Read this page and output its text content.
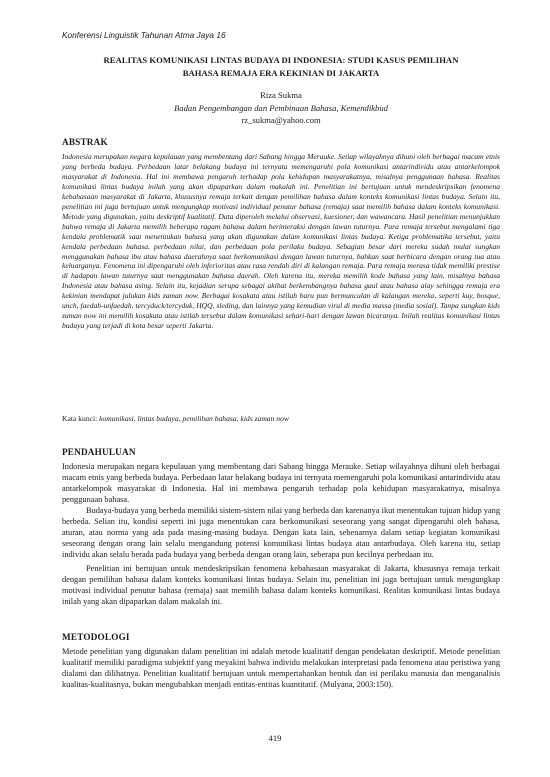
Konferensi Linguistik Tahunan Atma Jaya 16
REALITAS KOMUNIKASI LINTAS BUDAYA DI INDONESIA: STUDI KASUS PEMILIHAN
BAHASA REMAJA ERA KEKINIAN DI JAKARTA
Riza Sukma
Badan Pengembangan dan Pembinaan Bahasa, Kemendikbud
rz_sukma@yahoo.com
ABSTRAK

Indonesia merupakan negara kepulauan yang membentang dari Sabang hingga Merauke. Setiap wilayahnya dihuni oleh berbagai macam etnis yang berbeda budaya. Perbedaan latar belakang budaya ini ternyata memengaruhi pola komunikasi antarindividu atau antarkelompok masyarakat di Indonesia. Hal ini membawa pengaruh terhadap pola kehidupan masyarakatnya, misalnya penggunaan bahasa. Realitas komunikasi lintas budaya inilah yang akan dipaparkan dalam makalah ini. Penelitian ini bertujuan untuk mendeskripsikan fenomena kebahasaan masyarakat di Jakarta, khususnya remaja terkait dengan pemilihan bahasa dalam konteks komunikasi lintas budaya. Selain itu, penelitian ini juga bertujuan untuk mengungkap motivasi individual penutur bahasa (remaja) saat memilih bahasa dalam konteks komunikasi. Metode yang digunakan, yaitu deskriptif kualitatif. Data diperoleh melalui observasi, kuesioner, dan wawancara. Hasil penelitian menunjukkan bahwa remaja di Jakarta memilih beberapa ragam bahasa dalam berinteraksi dengan lawan tuturnya. Para remaja tersebut mengalami tiga kendala problematik saat menentukan bahasa yang akan digunakan dalam komunikasi lintas budaya. Ketiga problematika tersebut, yaitu kendala perbedaan bahasa, perbedaan nilai, dan perbedaan pola perilaku budaya. Sebagian besar dari mereka sudah mulai sungkan menggunakan bahasa ibu atau bahasa daerahnya saat berkomunikasi dengan lawan tuturnya, bahkan saat berbicara dengan orang tua atau keluarganya. Fenomena ini dipengaruhi oleh inferioritas atau rasa rendah diri di kalangan remaja. Para remaja merasa tidak memiliki prestise di hadapan lawan tuturnya saat menggunakan bahasa daerah. Oleh karena itu, mereka memilih kode bahasa yang lain, misalnya bahasa Indonesia atau bahasa asing. Selain itu, kejadian serupa sebagai akibat berkembangnya bahasa gaul atau bahasa alay sehingga remaja era kekinian mendapat julukan kids zaman now. Berbagai kosakata atau istilah baru pun bermunculan di kalangan mereka, seperti kuy, bosque, unch, faedah-unfaedah, tercyduck/tercyduk, HQQ, sleding, dan lainnya yang kemudian viral di media massa (media sosial). Tanpa sungkan kids zaman now ini memilih kosakata atau istilah tersebut dalam komunikasi sehari-hari dengan lawan bicaranya. Inilah realitas komunikasi lintas budaya yang terjadi di kota besar seperti Jakarta.

Kata kunci: komunikasi, lintas budaya, pemilihan bahasa, kids zaman now

PENDAHULUAN

Indonesia merupakan negara kepulauan yang membentang dari Sabang hingga Merauke. Setiap wilayahnya dihuni oleh berbagai macam etnis yang berbeda budaya. Perbedaan latar belakang budaya ini ternyata memengaruhi pola komunikasi antarindividu atau antarkelompok masyarakat di Indonesia. Hal ini membawa pengaruh terhadap pola kehidupan masyarakatnya, misalnya penggunaan bahasa.

Budaya-budaya yang berbeda memiliki sistem-sistem nilai yang berbeda dan karenanya ikut menentukan tujuan hidup yang berbeda. Selian itu, kondisi seperti ini juga menentukan cara berkomunikasi seseorang yang sangat dipengaruhi oleh bahasa, aturan, atau norma yang ada pada masing-masing budaya. Dengan kata lain, sebenarnya dalam setiap kegiatan komunikasi seseorang dengan orang lain selalu mengandung potensi komunikasi lintas budaya atau antarbudaya. Oleh karena itu, setiap individu akan selalu berada pada budaya yang berbeda dengan orang lain, seberapa pun kecilnya perbedaan itu.

Penelitian ini bertujuan untuk mendeskripsikan fenomena kebahasaan masyarakat di Jakarta, khususnya remaja terkait dengan pemilihan bahasa dalam konteks komunikasi lintas budaya. Selain itu, penelitian ini juga bertujuan untuk mengungkap motivasi individual penutur bahasa (remaja) saat memilih bahasa dalam konteks komunikasi. Realitas komunikasi lintas budaya inilah yang akan dipaparkan dalam makalah ini.

METODOLOGI

Metode penelitian yang digunakan dalam penelitian ini adalah metode kualitatif dengan pendekatan deskriptif. Metode penelitian kualitatif memiliki paradigma subjektif yang meyakini bahwa individu melakukan interpretasi pada fenomena atau peristiwa yang dialami dan dilihatnya. Penelitian kualitatif bertujuan untuk mempertahankan bentuk dan isi perilaku manusia dan menganalisis kualitas-kualitasnya, bukan mengubahkan menjadi entitas-entitas kuantitatif. (Mulyana, 2003:150).

419
